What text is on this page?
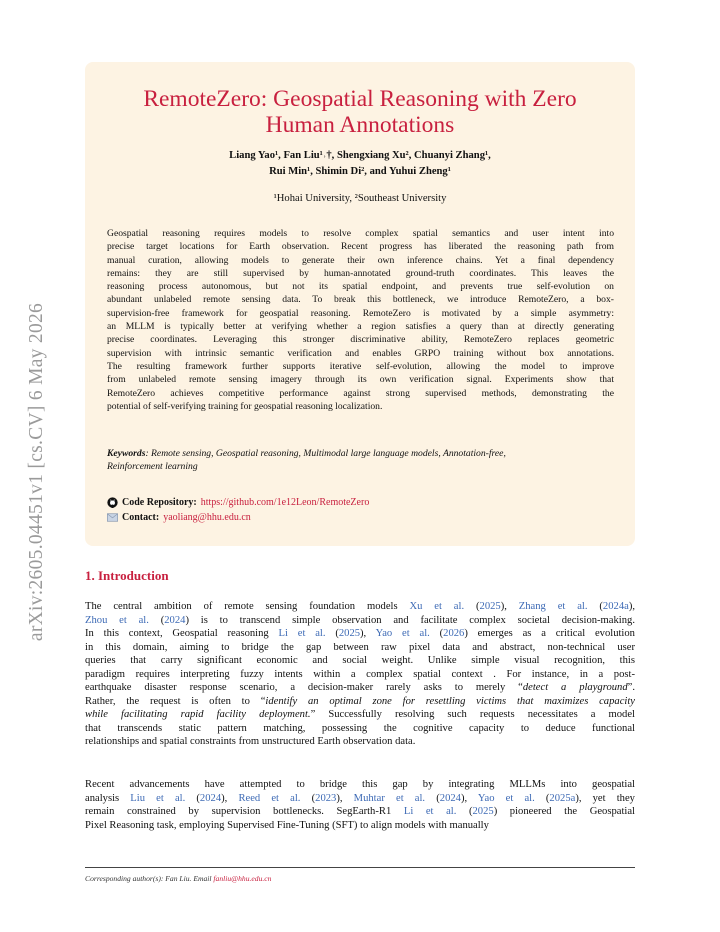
arXiv:2605.04451v1 [cs.CV] 6 May 2026
RemoteZero: Geospatial Reasoning with Zero
Human Annotations
Liang Yao¹, Fan Liu¹˒†, Shengxiang Xu², Chuanyi Zhang¹,
Rui Min¹, Shimin Di², and Yuhui Zheng¹
¹Hohai University, ²Southeast University
Geospatial reasoning requires models to resolve complex spatial semantics and user intent into
precise target locations for Earth observation. Recent progress has liberated the reasoning path from
manual curation, allowing models to generate their own inference chains. Yet a final dependency
remains: they are still supervised by human-annotated ground-truth coordinates. This leaves the
reasoning process autonomous, but not its spatial endpoint, and prevents true self-evolution on
abundant unlabeled remote sensing data. To break this bottleneck, we introduce RemoteZero, a box-
supervision-free framework for geospatial reasoning. RemoteZero is motivated by a simple asymmetry:
an MLLM is typically better at verifying whether a region satisfies a query than at directly generating
precise coordinates. Leveraging this stronger discriminative ability, RemoteZero replaces geometric
supervision with intrinsic semantic verification and enables GRPO training without box annotations.
The resulting framework further supports iterative self-evolution, allowing the model to improve
from unlabeled remote sensing imagery through its own verification signal. Experiments show that
RemoteZero achieves competitive performance against strong supervised methods, demonstrating the
potential of self-verifying training for geospatial reasoning localization.
Keywords: Remote sensing, Geospatial reasoning, Multimodal large language models, Annotation-free,
Reinforcement learning
Code Repository: https://github.com/1e12Leon/RemoteZero
Contact: yaoliang@hhu.edu.cn
1. Introduction
The central ambition of remote sensing foundation models Xu et al. (2025), Zhang et al. (2024a),
Zhou et al. (2024) is to transcend simple observation and facilitate complex societal decision-making.
In this context, Geospatial reasoning Li et al. (2025), Yao et al. (2026) emerges as a critical evolution
in this domain, aiming to bridge the gap between raw pixel data and abstract, non-technical user
queries that carry significant economic and social weight. Unlike simple visual recognition, this
paradigm requires interpreting fuzzy intents within a complex spatial context . For instance, in a post-
earthquake disaster response scenario, a decision-maker rarely asks to merely “detect a playground”.
Rather, the request is often to “identify an optimal zone for resettling victims that maximizes capacity
while facilitating rapid facility deployment.” Successfully resolving such requests necessitates a model
that transcends static pattern matching, possessing the cognitive capacity to deduce functional
relationships and spatial constraints from unstructured Earth observation data.
Recent advancements have attempted to bridge this gap by integrating MLLMs into geospatial
analysis Liu et al. (2024), Reed et al. (2023), Muhtar et al. (2024), Yao et al. (2025a), yet they
remain constrained by supervision bottlenecks. SegEarth-R1 Li et al. (2025) pioneered the Geospatial
Pixel Reasoning task, employing Supervised Fine-Tuning (SFT) to align models with manually
Corresponding author(s): Fan Liu. Email fanliu@hhu.edu.cn
